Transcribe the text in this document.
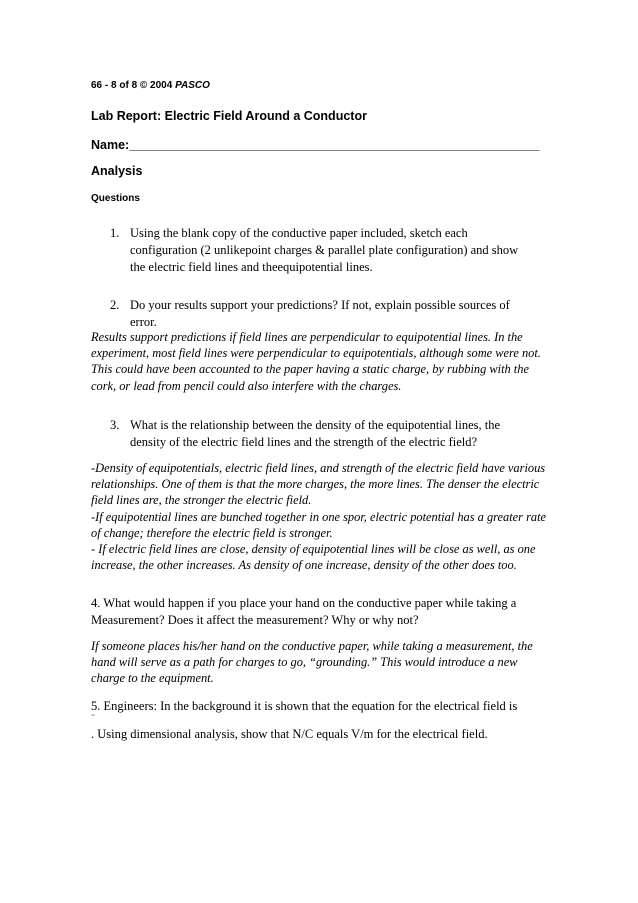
66 - 8 of 8 © 2004 PASCO
Lab Report: Electric Field Around a Conductor
Name:___________________________________________________________
Analysis
Questions
1. Using the blank copy of the conductive paper included, sketch each configuration (2 unlikepoint charges & parallel plate configuration) and show the electric field lines and theequipotential lines.
2. Do your results support your predictions? If not, explain possible sources of error.
Results support predictions if field lines are perpendicular to equipotential lines. In the experiment, most field lines were perpendicular to equipotentials, although some were not. This could have been accounted to the paper having a static charge, by rubbing with the cork, or lead from pencil could also interfere with the charges.
3. What is the relationship between the density of the equipotential lines, the density of the electric field lines and the strength of the electric field?

-Density of equipotentials, electric field lines, and strength of the electric field have various relationships. One of them is that the more charges, the more lines. The denser the electric field lines are, the stronger the electric field.

-If equipotential lines are bunched together in one spor, electric potential has a greater rate of change; therefore the electric field is stronger.

- If electric field lines are close, density of equipotential lines will be close as well, as one increase, the other increases. As density of one increase, density of the other does too.

4. What would happen if you place your hand on the conductive paper while taking a Measurement? Does it affect the measurement? Why or why not?
If someone places his/her hand on the conductive paper, while taking a measurement, the hand will serve as a path for charges to go, “grounding.” This would introduce a new charge to the equipment.
5. Engineers: In the background it is shown that the equation for the electrical field is
⁼
. Using dimensional analysis, show that N/C equals V/m for the electrical field.
